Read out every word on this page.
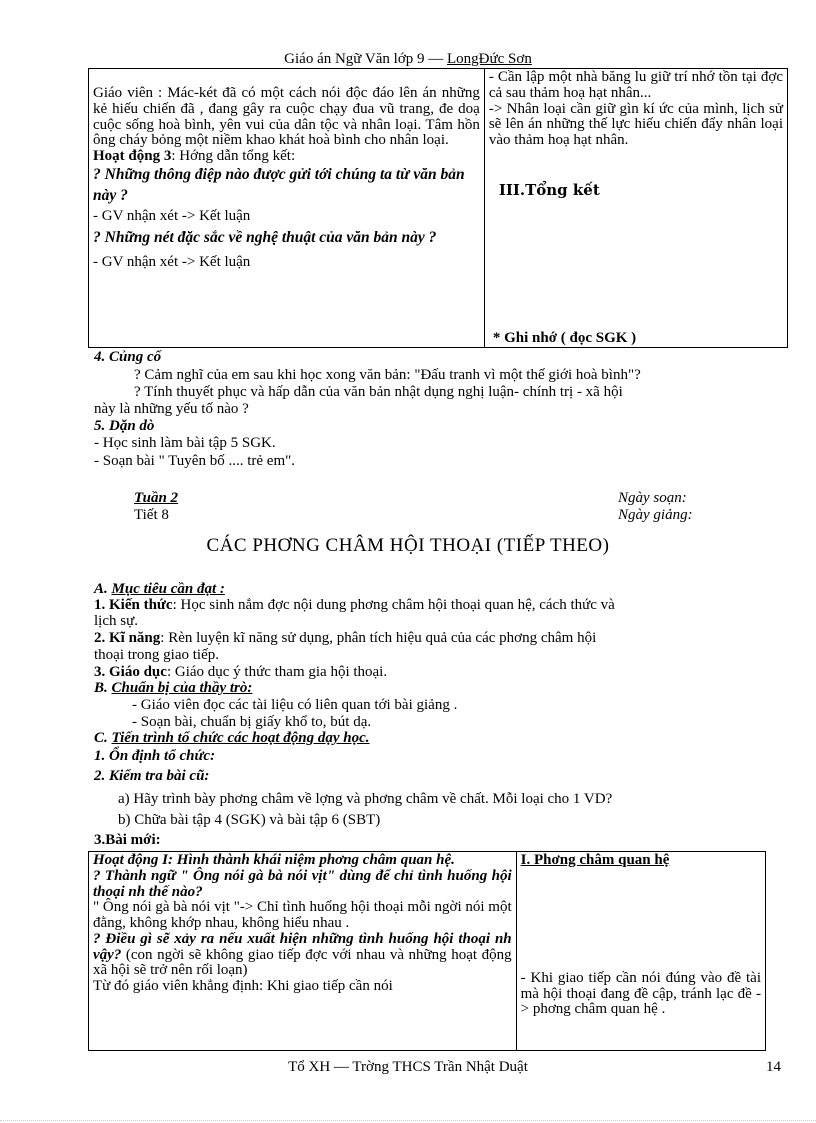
Giáo án Ngữ Văn lớp 9 — LongĐức Sơn

Giáo viên : Mác-két đã có một cách nói độc đáo lên án những kẻ hiếu chiến đã , đang gây ra cuộc chạy đua vũ trang, đe doạ cuộc sống hoà bình, yên vui của dân tộc và nhân loại. Tâm hồn ông cháy bỏng một niềm khao khát hoà bình cho nhân loại.

Hoạt động 3: Hớng dẫn tổng kết:

? Những thông điệp nào được gửi tới chúng ta từ văn bản này ?

- GV nhận xét -> Kết luận

? Những nét đặc sắc về nghệ thuật của văn bản này ?

- GV nhận xét -> Kết luận

- Cần lập một nhà băng lu giữ trí nhớ tồn tại đợc cả sau thảm hoạ hạt nhân...

-> Nhân loại cần giữ gìn kí ức của mình, lịch sử sẽ lên án những thế lực hiếu chiến đẩy nhân loại vào thảm hoạ hạt nhân.

III.Tổng kết

* Ghi nhớ ( đọc SGK )

4. Củng cố
? Cảm nghĩ của em sau khi học xong văn bản: "Đấu tranh vì một thế giới hoà bình"?
? Tính thuyết phục và hấp dẫn của văn bản nhật dụng nghị luận- chính trị - xã hội
này là những yếu tố nào ?
5. Dặn dò
- Học sinh làm bài tập 5 SGK.
- Soạn bài " Tuyên bố .... trẻ em".
Tuần 2
Tiết 8
Ngày soạn:
Ngày giảng:
CÁC PHƠNG CHÂM HỘI THOẠI (TIẾP THEO)
A. Mục tiêu cần đạt :
1. Kiến thức: Học sinh nắm đợc nội dung phơng châm hội thoại quan hệ, cách thức và
lịch sự.
2. Kĩ năng: Rèn luyện kĩ năng sử dụng, phân tích hiệu quả của các phơng châm hội
thoại trong giao tiếp.
3. Giáo dục: Giáo dục ý thức tham gia hội thoại.
B. Chuẩn bị của thầy trò:
- Giáo viên đọc các tài liệu có liên quan tới bài giảng .
- Soạn bài, chuẩn bị giấy khổ to, bút dạ.
C. Tiến trình tổ chức các hoạt động dạy học.
1. Ổn định tổ chức:
2. Kiểm tra bài cũ:
a) Hãy trình bày phơng châm về lợng và phơng châm về chất. Mỗi loại cho 1 VD?
b) Chữa bài tập 4 (SGK) và bài tập 6 (SBT)
3.Bài mới:

Hoạt động I: Hình thành khái niệm phơng châm quan hệ.

? Thành ngữ " Ông nói gà bà nói vịt" dùng để chỉ tình huống hội thoại nh thế nào?

" Ông nói gà bà nói vịt "-> Chỉ tình huống hội thoại mỗi ngời nói một đằng, không khớp nhau, không hiểu nhau .

? Điều gì sẽ xảy ra nếu xuất hiện những tình huống hội thoại nh vậy? (con ngời sẽ không giao tiếp đợc với nhau và những hoạt động xã hội sẽ trở nên rối loạn)

Từ đó giáo viên khẳng định: Khi giao tiếp cần nói

I. Phơng châm quan hệ

- Khi giao tiếp cần nói đúng vào đề tài mà hội thoại đang đề cập, tránh lạc đề -> phơng châm quan hệ .

Tổ XH — Trờng THCS Trần Nhật Duật	14
